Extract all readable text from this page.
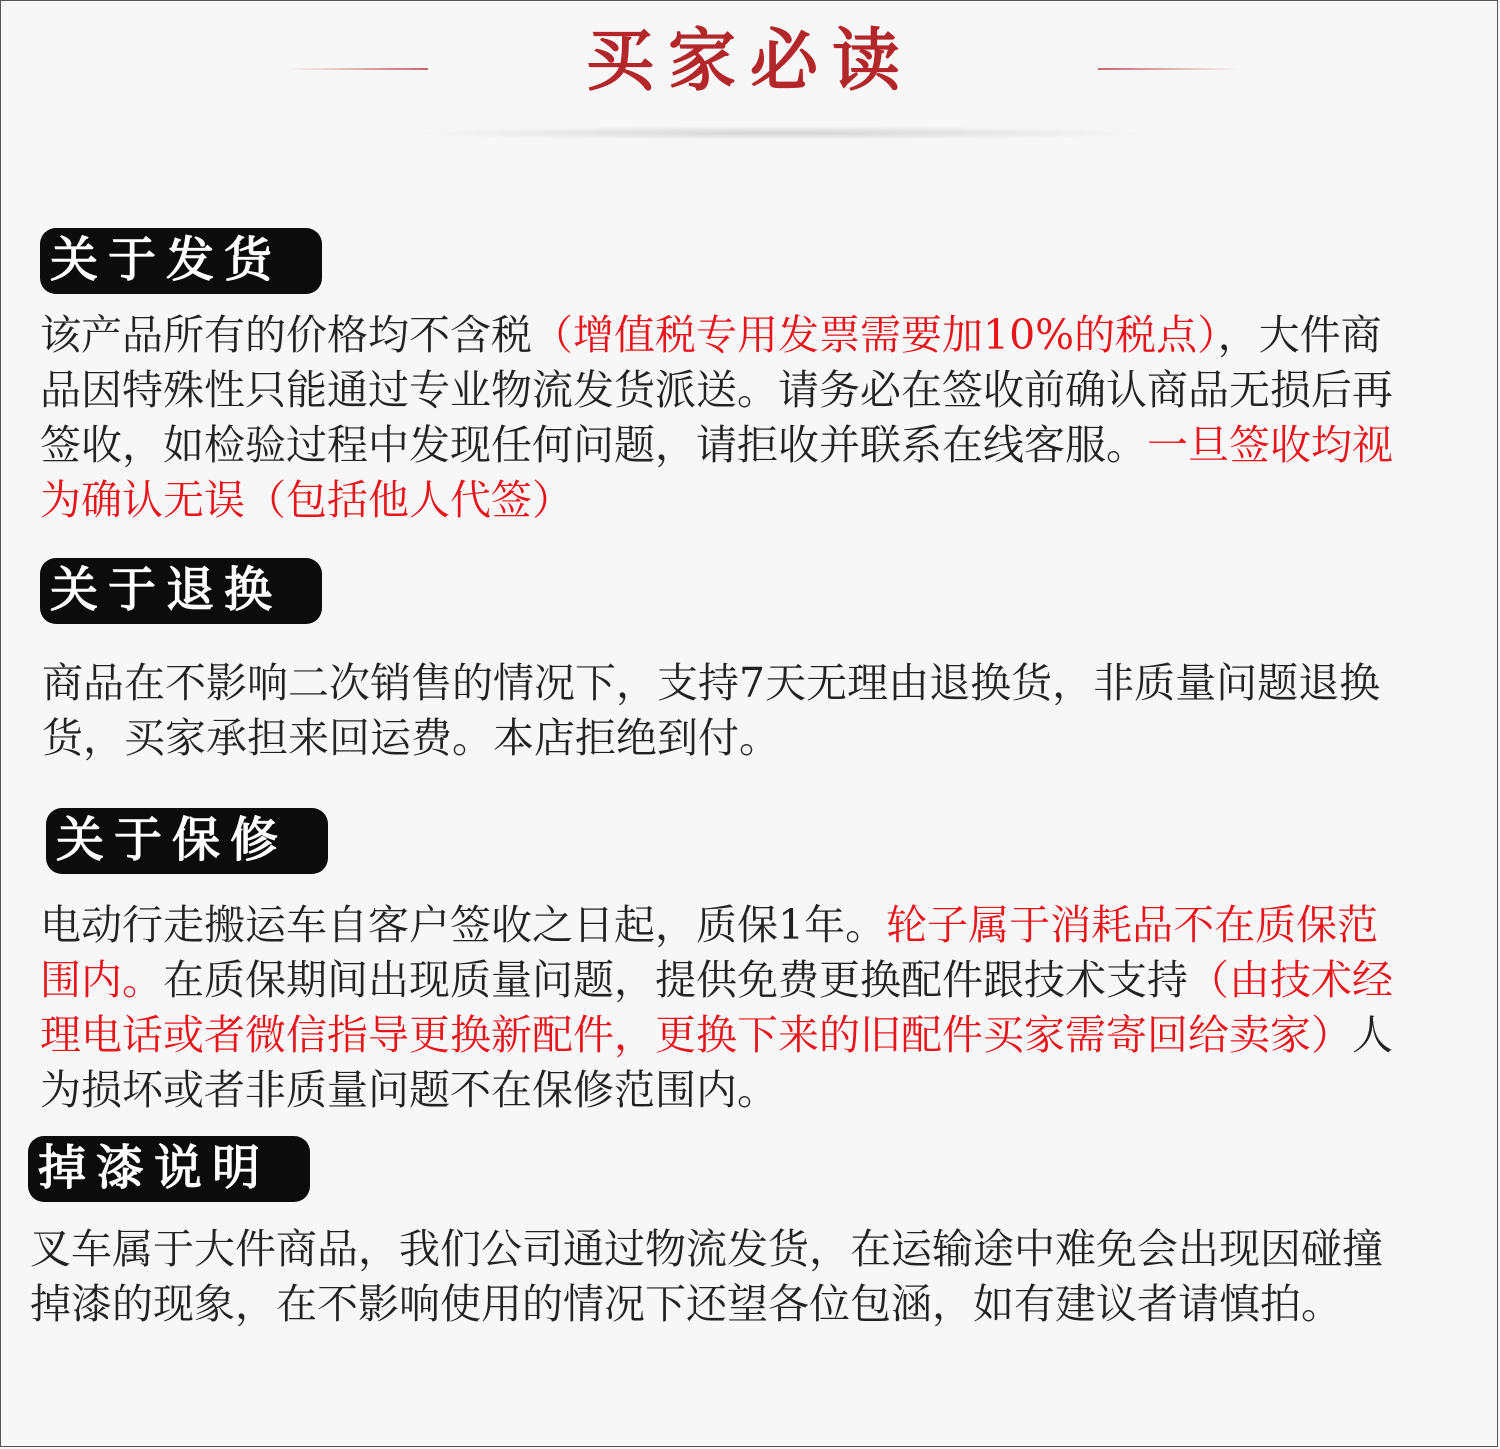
买家必读
关于发货

该产品所有的价格均不含税（增值税专用发票需要加10%的税点），大件商品因特殊性只能通过专业物流发货派送。请务必在签收前确认商品无损后再签收，如检验过程中发现任何问题，请拒收并联系在线客服。一旦签收均视为确认无误（包括他人代签）

关于退换

商品在不影响二次销售的情况下，支持7天无理由退换货，非质量问题退换货，买家承担来回运费。本店拒绝到付。

关于保修

电动行走搬运车自客户签收之日起，质保1年。轮子属于消耗品不在质保范围内。在质保期间出现质量问题，提供免费更换配件跟技术支持（由技术经理电话或者微信指导更换新配件，更换下来的旧配件买家需寄回给卖家）人为损坏或者非质量问题不在保修范围内。

掉漆说明

叉车属于大件商品，我们公司通过物流发货，在运输途中难免会出现因碰撞掉漆的现象，在不影响使用的情况下还望各位包涵，如有建议者请慎拍。
